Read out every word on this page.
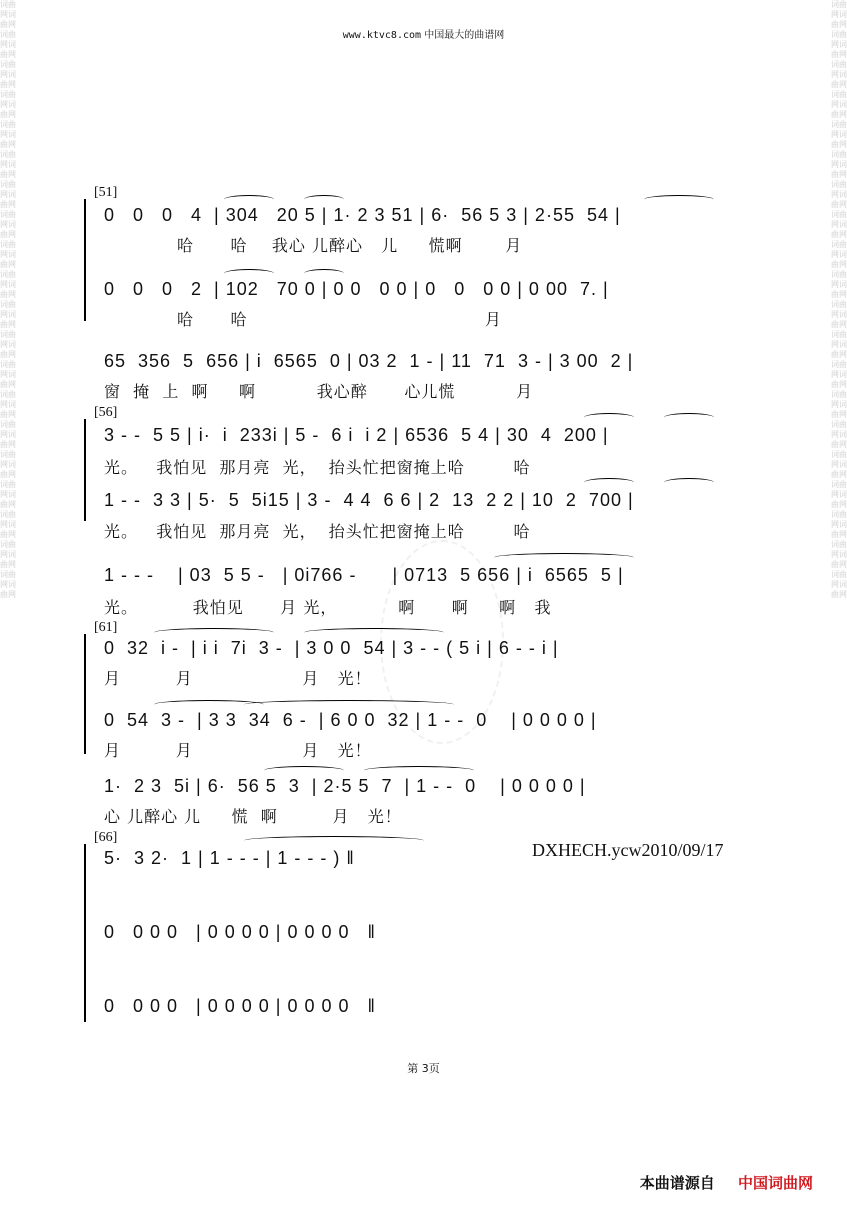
词曲网词曲网词曲网词曲网词曲网词曲网词曲网词曲网词曲网词曲网词曲网词曲网词曲网词曲网词曲网词曲网词曲网词曲网词曲网词曲网词曲网词曲网词曲网词曲网词曲网词曲网词曲网词曲网词曲网词曲网词曲网词曲网词曲网词曲网词曲网词曲网词曲网词曲网词曲网词曲网
词曲网词曲网词曲网词曲网词曲网词曲网词曲网词曲网词曲网词曲网词曲网词曲网词曲网词曲网词曲网词曲网词曲网词曲网词曲网词曲网词曲网词曲网词曲网词曲网词曲网词曲网词曲网词曲网词曲网词曲网词曲网词曲网词曲网词曲网词曲网词曲网词曲网词曲网词曲网词曲网
www.ktvc8.com 中国最大的曲谱网
[51]
0   0   0   4  | 304   20 5 | 1· 2 3 51 | 6·  56 5 3 | 2·55  54 |
哈      哈    我心 儿醉心   儿     慌啊       月
0   0   0   2  | 102   70 0 | 0 0   0 0 | 0   0   0 0 | 0 00  7. |
哈      哈                                       月
65  356  5  656 | i  6565  0 | 03 2  1 - | 11  71  3 - | 3 00  2 |
窗  掩  上  啊     啊          我心醉      心儿慌          月
[56]
3 - -  5 5 | i·  i  233i | 5 -  6 i  i 2 | 6536  5 4 | 30  4  200 |
光。   我怕见  那月亮  光，  抬头忙把窗掩上哈        哈
1 - -  3 3 | 5·  5  5i15 | 3 -  4 4  6 6 | 2  13  2 2 | 10  2  700 |
光。   我怕见  那月亮  光，  抬头忙把窗掩上哈        哈
1 - - -    | 03  5 5 -   | 0i766 -      | 0713  5 656 | i  6565  5 |
光。         我怕见      月 光，          啊      啊     啊   我
[61]
0  32  i -  | i i  7i  3 -  | 3 0 0  54 | 3 - - ( 5 i | 6 - - i |
月         月                  月   光！
0  54  3 -  | 3 3  34  6 -  | 6 0 0  32 | 1 - -  0    | 0 0 0 0 |
月         月                  月   光！
1·  2 3  5i | 6·  56 5  3  | 2·5 5  7  | 1 - -  0    | 0 0 0 0 |
心 儿醉心 儿     慌  啊         月   光！
[66]
5·  3 2·  1 | 1 - - - | 1 - - - ) ‖	DXHECH.ycw2010/09/17
0   0 0 0   | 0 0 0 0 | 0 0 0 0   ‖
0   0 0 0   | 0 0 0 0 | 0 0 0 0   ‖
第 3页
本曲谱源自 中国词曲网
